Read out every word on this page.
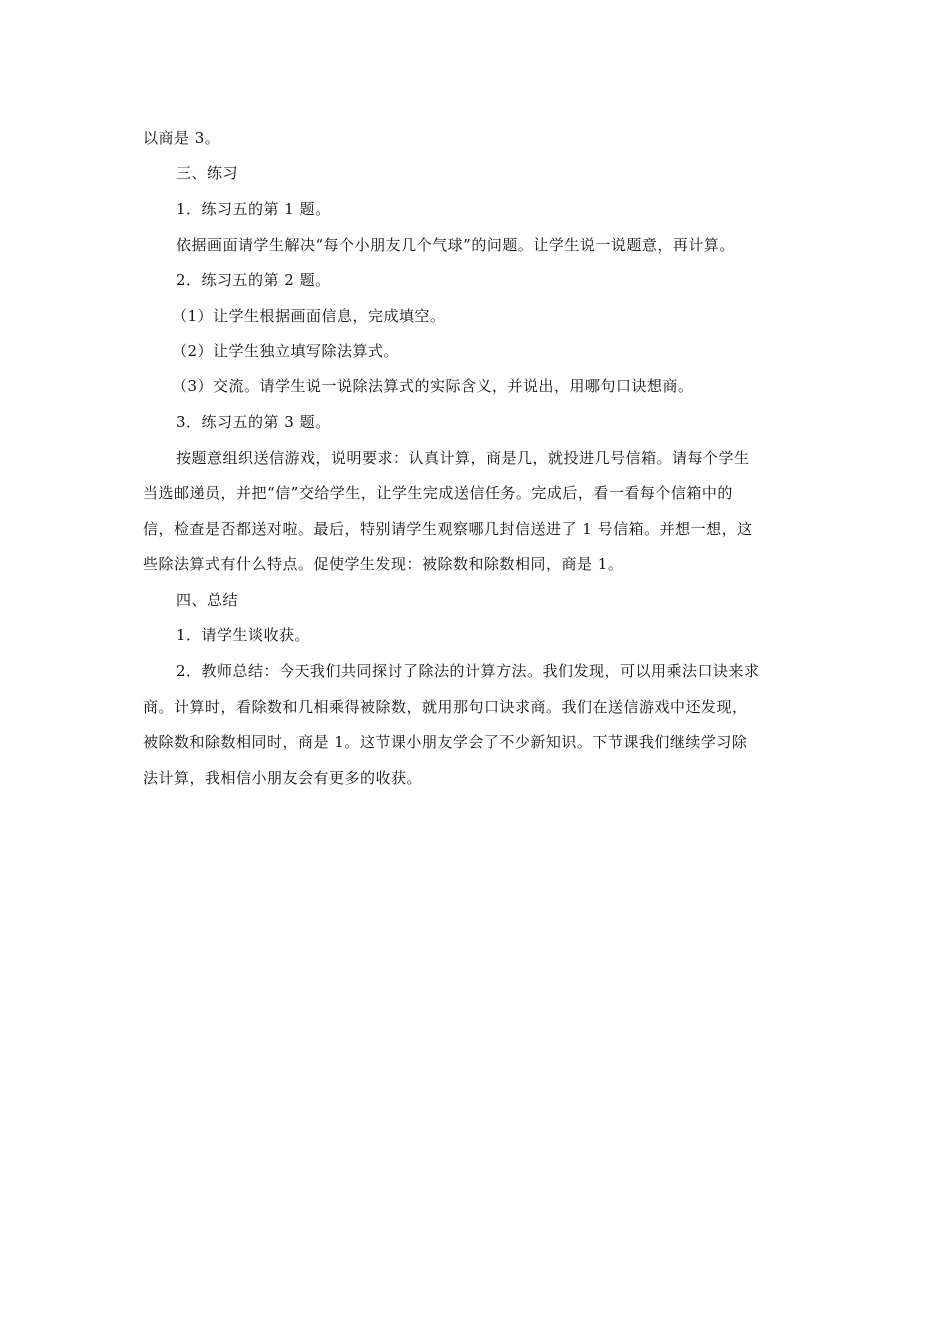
以商是 3。
三、练习
1．练习五的第 1 题。
依据画面请学生解决“每个小朋友几个气球”的问题。让学生说一说题意，再计算。
2．练习五的第 2 题。
（1）让学生根据画面信息，完成填空。
（2）让学生独立填写除法算式。
（3）交流。请学生说一说除法算式的实际含义，并说出，用哪句口诀想商。
3．练习五的第 3 题。
按题意组织送信游戏，说明要求：认真计算，商是几，就投进几号信箱。请每个学生
当选邮递员，并把“信”交给学生，让学生完成送信任务。完成后，看一看每个信箱中的
信，检查是否都送对啦。最后，特别请学生观察哪几封信送进了 1 号信箱。并想一想，这
些除法算式有什么特点。促使学生发现：被除数和除数相同，商是 1。
四、总结
1．请学生谈收获。
2．教师总结：今天我们共同探讨了除法的计算方法。我们发现，可以用乘法口诀来求
商。计算时，看除数和几相乘得被除数，就用那句口诀求商。我们在送信游戏中还发现，
被除数和除数相同时，商是 1。这节课小朋友学会了不少新知识。下节课我们继续学习除
法计算，我相信小朋友会有更多的收获。
